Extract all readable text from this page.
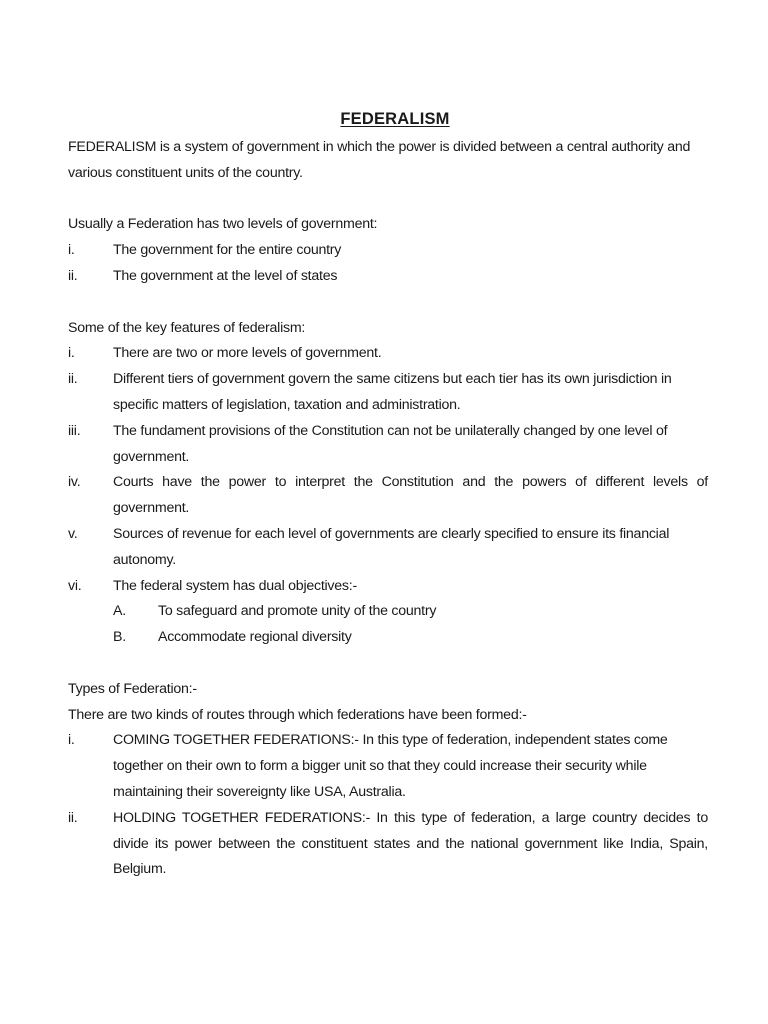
FEDERALISM

FEDERALISM is a system of government in which the power is divided between a central authority and various constituent units of the country.

Usually a Federation has two levels of government:

i.	The government for the entire country
ii.	The government at the level of states

Some of the key features of federalism:

i.	There are two or more levels of government.
ii.	Different tiers of government govern the same citizens but each tier has its own jurisdiction in specific matters of legislation, taxation and administration.
iii.	The fundament provisions of the Constitution can not be unilaterally changed by one level of government.
iv.	Courts have the power to interpret the Constitution and the powers of different levels of government.
v.	Sources of revenue for each level of governments are clearly specified to ensure its financial autonomy.
vi.	The federal system has dual objectives:-
A.	To safeguard and promote unity of the country
B.	Accommodate regional diversity

Types of Federation:-

There are two kinds of routes through which federations have been formed:-

i.	COMING TOGETHER FEDERATIONS:- In this type of federation, independent states come together on their own to form a bigger unit so that they could increase their security while maintaining their sovereignty like USA, Australia.
ii.	HOLDING TOGETHER FEDERATIONS:- In this type of federation, a large country decides to divide its power between the constituent states and the national government like India, Spain, Belgium.
